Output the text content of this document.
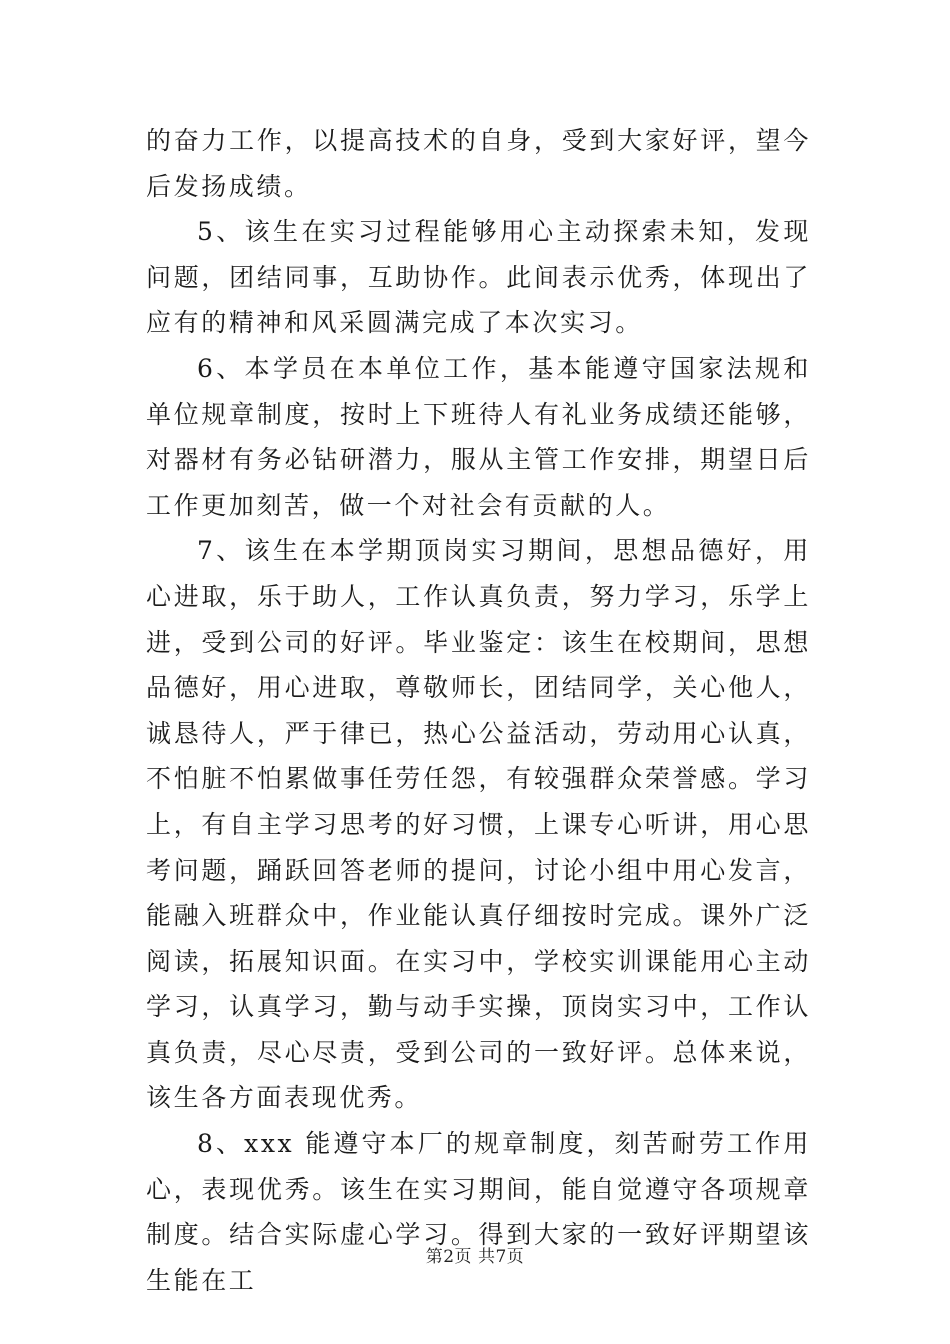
的奋力工作，以提高技术的自身，受到大家好评，望今后发扬成绩。

5、该生在实习过程能够用心主动探索未知，发现问题，团结同事，互助协作。此间表示优秀，体现出了应有的精神和风采圆满完成了本次实习。

6、本学员在本单位工作，基本能遵守国家法规和单位规章制度，按时上下班待人有礼业务成绩还能够，对器材有务必钻研潜力，服从主管工作安排，期望日后工作更加刻苦，做一个对社会有贡献的人。

7、该生在本学期顶岗实习期间，思想品德好，用心进取，乐于助人，工作认真负责，努力学习，乐学上进，受到公司的好评。毕业鉴定：该生在校期间，思想品德好，用心进取，尊敬师长，团结同学，关心他人，诚恳待人，严于律已，热心公益活动，劳动用心认真，不怕脏不怕累做事任劳任怨，有较强群众荣誉感。学习上，有自主学习思考的好习惯，上课专心听讲，用心思考问题，踊跃回答老师的提问，讨论小组中用心发言，能融入班群众中，作业能认真仔细按时完成。课外广泛阅读，拓展知识面。在实习中，学校实训课能用心主动学习，认真学习，勤与动手实操，顶岗实习中，工作认真负责，尽心尽责，受到公司的一致好评。总体来说，该生各方面表现优秀。

8、xxx 能遵守本厂的规章制度，刻苦耐劳工作用心，表现优秀。该生在实习期间，能自觉遵守各项规章制度。结合实际虚心学习。得到大家的一致好评期望该生能在工

第2页 共7页
